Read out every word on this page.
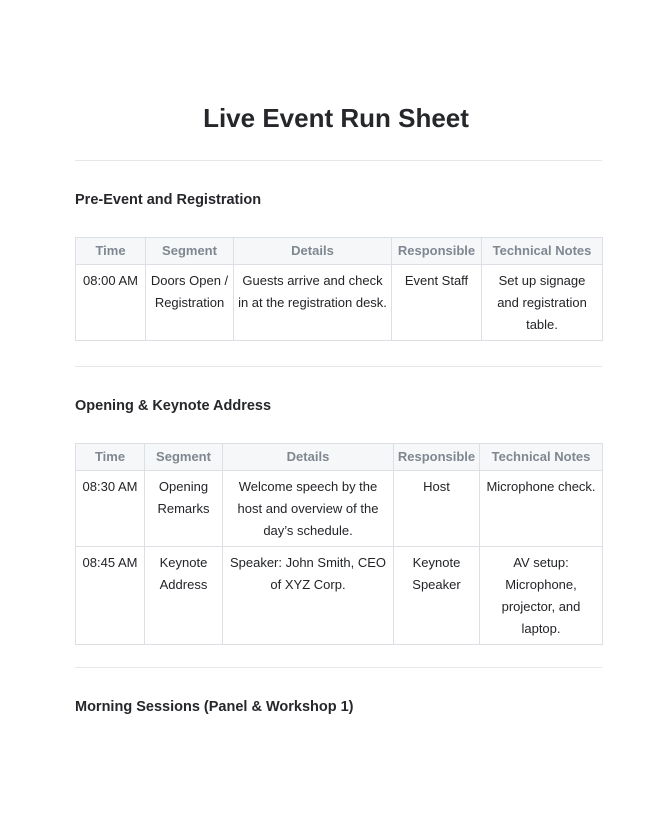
Live Event Run Sheet
Pre-Event and Registration
Time	Segment	Details	Responsible	Technical Notes
08:00 AM	Doors Open / Registration	Guests arrive and check in at the registration desk.	Event Staff	Set up signage and registration table.
Opening & Keynote Address
Time	Segment	Details	Responsible	Technical Notes
08:30 AM	Opening Remarks	Welcome speech by the host and overview of the day’s schedule.	Host	Microphone check.
08:45 AM	Keynote Address	Speaker: John Smith, CEO of XYZ Corp.	Keynote Speaker	AV setup: Microphone, projector, and laptop.
Morning Sessions (Panel & Workshop 1)
